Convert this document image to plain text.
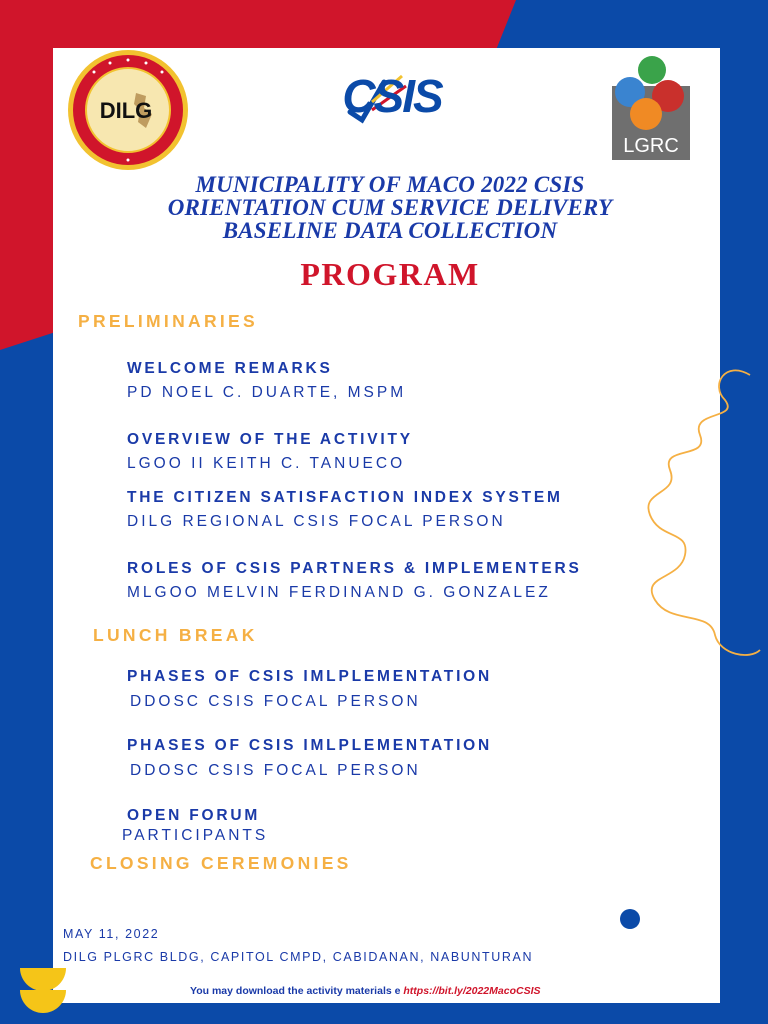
DILG	CSIS
LGRC
MUNICIPALITY OF MACO 2022 CSIS
ORIENTATION CUM SERVICE DELIVERY
BASELINE DATA COLLECTION
PROGRAM
PRELIMINARIES
WELCOME REMARKS
PD NOEL C. DUARTE, MSPM
OVERVIEW OF THE ACTIVITY
LGOO II KEITH C. TANUECO
THE CITIZEN SATISFACTION INDEX SYSTEM
DILG REGIONAL CSIS FOCAL PERSON
ROLES OF CSIS PARTNERS & IMPLEMENTERS
MLGOO MELVIN FERDINAND G. GONZALEZ
LUNCH BREAK
PHASES OF CSIS IMLPLEMENTATION
DDOSC CSIS FOCAL PERSON
PHASES OF CSIS IMLPLEMENTATION
DDOSC CSIS FOCAL PERSON
OPEN FORUM
PARTICIPANTS
CLOSING CEREMONIES
MAY 11, 2022
DILG PLGRC BLDG, CAPITOL CMPD, CABIDANAN, NABUNTURAN
You may download the activity materials е https://bit.ly/2022MacoCSIS
